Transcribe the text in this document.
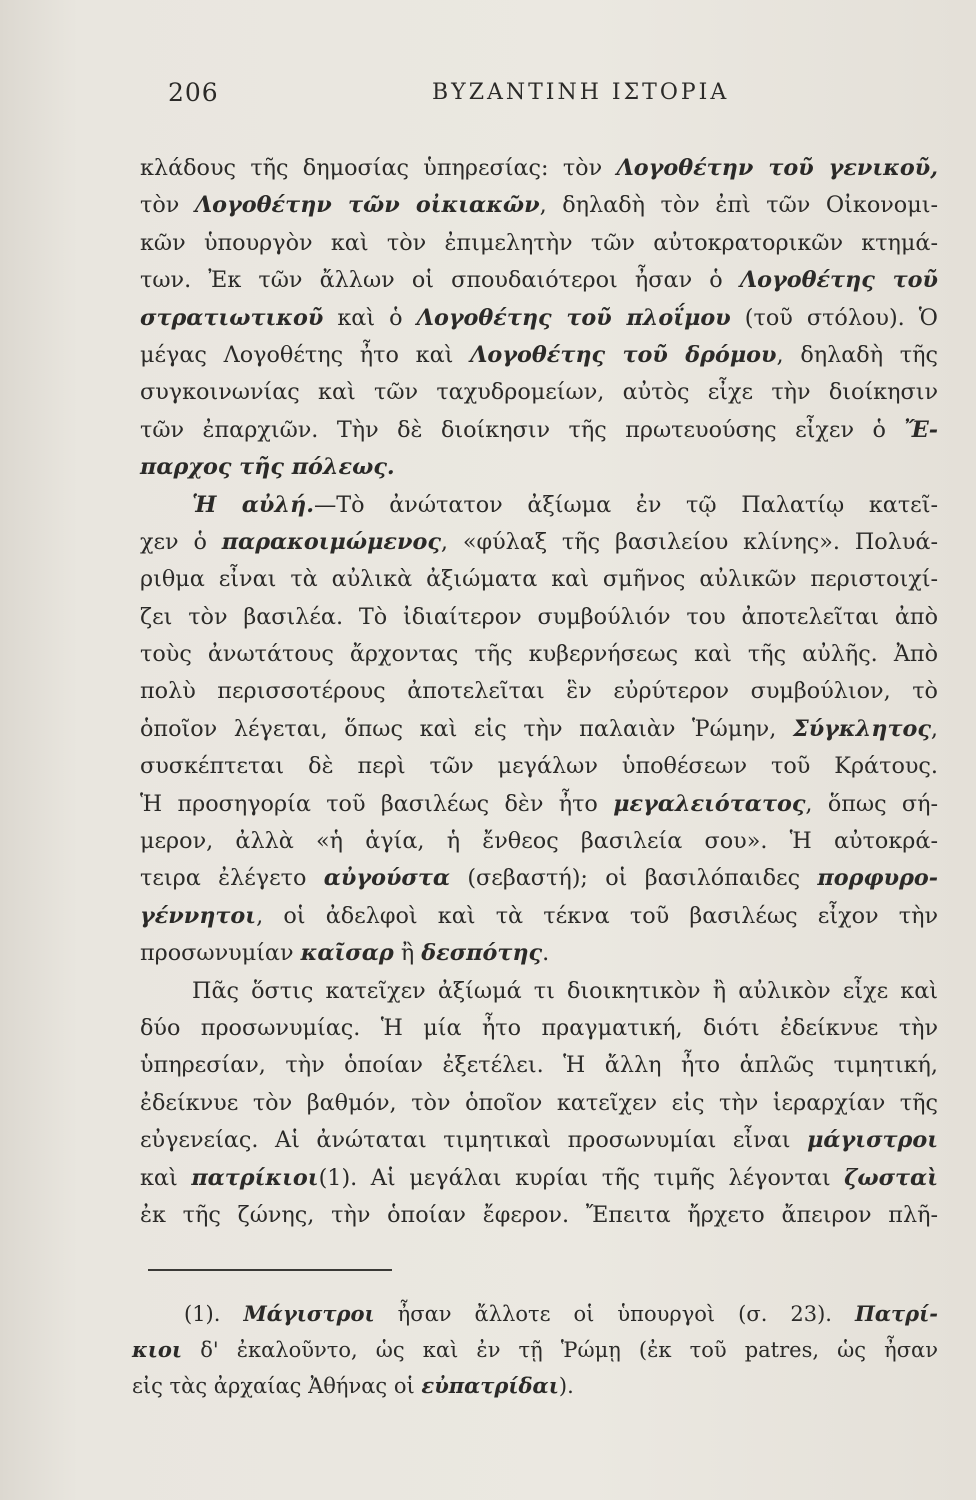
206	ΒΥΖΑΝΤΙΝΗ ΙΣΤΟΡΙΑ
κλάδους τῆς δημοσίας ὑπηρεσίας: τὸν Λογοθέτην τοῦ γενικοῦ,
τὸν Λογοθέτην τῶν οἰκιακῶν, δηλαδὴ τὸν ἐπὶ τῶν Οἰκονομι-
κῶν ὑπουργὸν καὶ τὸν ἐπιμελητὴν τῶν αὐτοκρατορικῶν κτημά-
των. Ἐκ τῶν ἄλλων οἱ σπουδαιότεροι ἦσαν ὁ Λογοθέτης τοῦ
στρατιωτικοῦ καὶ ὁ Λογοθέτης τοῦ πλοΐμου (τοῦ στόλου). Ὁ
μέγας Λογοθέτης ἦτο καὶ Λογοθέτης τοῦ δρόμου, δηλαδὴ τῆς
συγκοινωνίας καὶ τῶν ταχυδρομείων, αὐτὸς εἶχε τὴν διοίκησιν
τῶν ἐπαρχιῶν. Τὴν δὲ διοίκησιν τῆς πρωτευούσης εἶχεν ὁ Ἔ-
παρχος τῆς πόλεως.
Ἡ αὐλή.—Τὸ ἀνώτατον ἀξίωμα ἐν τῷ Παλατίῳ κατεῖ-
χεν ὁ παρακοιμώμενος, «φύλαξ τῆς βασιλείου κλίνης». Πολυά-
ριθμα εἶναι τὰ αὐλικὰ ἀξιώματα καὶ σμῆνος αὐλικῶν περιστοιχί-
ζει τὸν βασιλέα. Τὸ ἰδιαίτερον συμβούλιόν του ἀποτελεῖται ἀπὸ
τοὺς ἀνωτάτους ἄρχοντας τῆς κυβερνήσεως καὶ τῆς αὐλῆς. Ἀπὸ
πολὺ περισσοτέρους ἀποτελεῖται ἓν εὐρύτερον συμβούλιον, τὸ
ὁποῖον λέγεται, ὅπως καὶ εἰς τὴν παλαιὰν Ῥώμην, Σύγκλητος,
συσκέπτεται δὲ περὶ τῶν μεγάλων ὑποθέσεων τοῦ Κράτους.
Ἡ προσηγορία τοῦ βασιλέως δὲν ἦτο μεγαλειότατος, ὅπως σή-
μερον, ἀλλὰ «ἡ ἁγία, ἡ ἔνθεος βασιλεία σου». Ἡ αὐτοκρά-
τειρα ἐλέγετο αὐγούστα (σεβαστή); οἱ βασιλόπαιδες πορφυρο-
γέννητοι, οἱ ἀδελφοὶ καὶ τὰ τέκνα τοῦ βασιλέως εἶχον τὴν
προσωνυμίαν καῖσαρ ἢ δεσπότης.
Πᾶς ὅστις κατεῖχεν ἀξίωμά τι διοικητικὸν ἢ αὐλικὸν εἶχε καὶ
δύο προσωνυμίας. Ἡ μία ἦτο πραγματική, διότι ἐδείκνυε τὴν
ὑπηρεσίαν, τὴν ὁποίαν ἐξετέλει. Ἡ ἄλλη ἦτο ἁπλῶς τιμητική,
ἐδείκνυε τὸν βαθμόν, τὸν ὁποῖον κατεῖχεν εἰς τὴν ἱεραρχίαν τῆς
εὐγενείας. Αἱ ἀνώταται τιμητικαὶ προσωνυμίαι εἶναι μάγιστροι
καὶ πατρίκιοι(1). Αἱ μεγάλαι κυρίαι τῆς τιμῆς λέγονται ζωσταὶ
ἐκ τῆς ζώνης, τὴν ὁποίαν ἔφερον. Ἔπειτα ἤρχετο ἄπειρον πλῆ-
(1). Μάγιστροι ἦσαν ἄλλοτε οἱ ὑπουργοὶ (σ. 23). Πατρί-
κιοι δ' ἐκαλοῦντο, ὡς καὶ ἐν τῇ Ῥώμῃ (ἐκ τοῦ patres, ὡς ἦσαν
εἰς τὰς ἀρχαίας Ἀθήνας οἱ εὐπατρίδαι).
